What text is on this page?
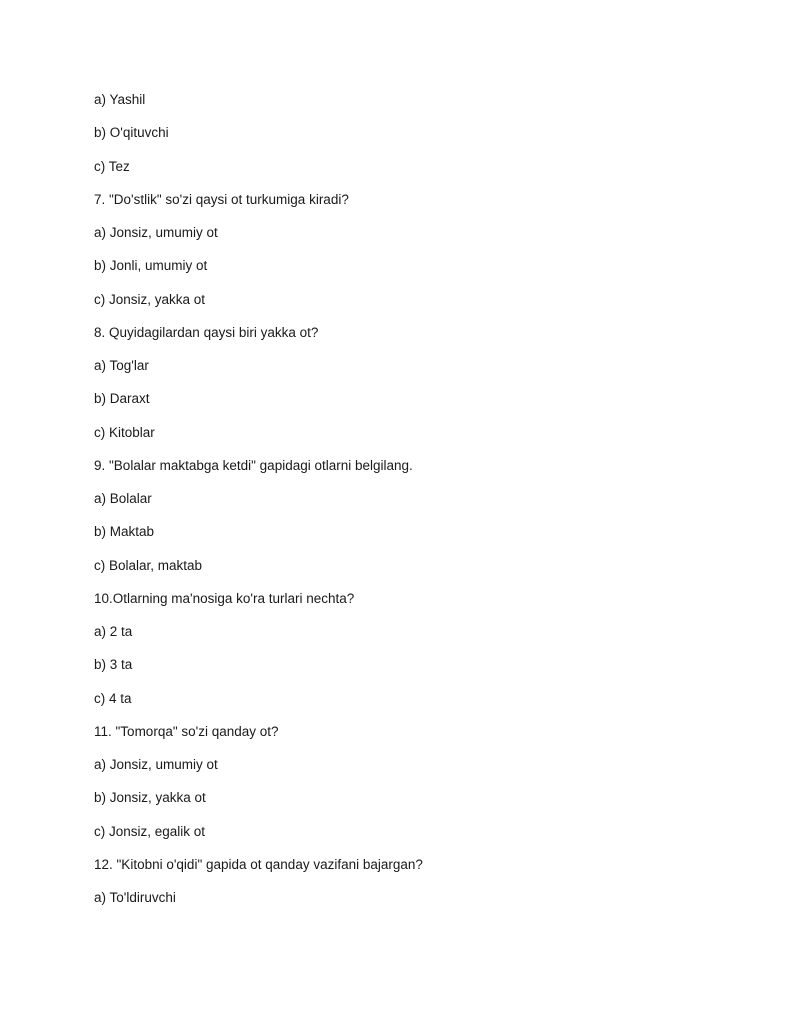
a) Yashil
b) O'qituvchi
c) Tez
7. "Do'stlik" so'zi qaysi ot turkumiga kiradi?
a) Jonsiz, umumiy ot
b) Jonli, umumiy ot
c) Jonsiz, yakka ot
8. Quyidagilardan qaysi biri yakka ot?
a) Tog'lar
b) Daraxt
c) Kitoblar
9. "Bolalar maktabga ketdi" gapidagi otlarni belgilang.
a) Bolalar
b) Maktab
c) Bolalar, maktab
10.Otlarning ma'nosiga ko'ra turlari nechta?
a) 2 ta
b) 3 ta
c) 4 ta
11. "Tomorqa" so'zi qanday ot?
a) Jonsiz, umumiy ot
b) Jonsiz, yakka ot
c) Jonsiz, egalik ot
12. "Kitobni o'qidi" gapida ot qanday vazifani bajargan?
a) To'ldiruvchi
